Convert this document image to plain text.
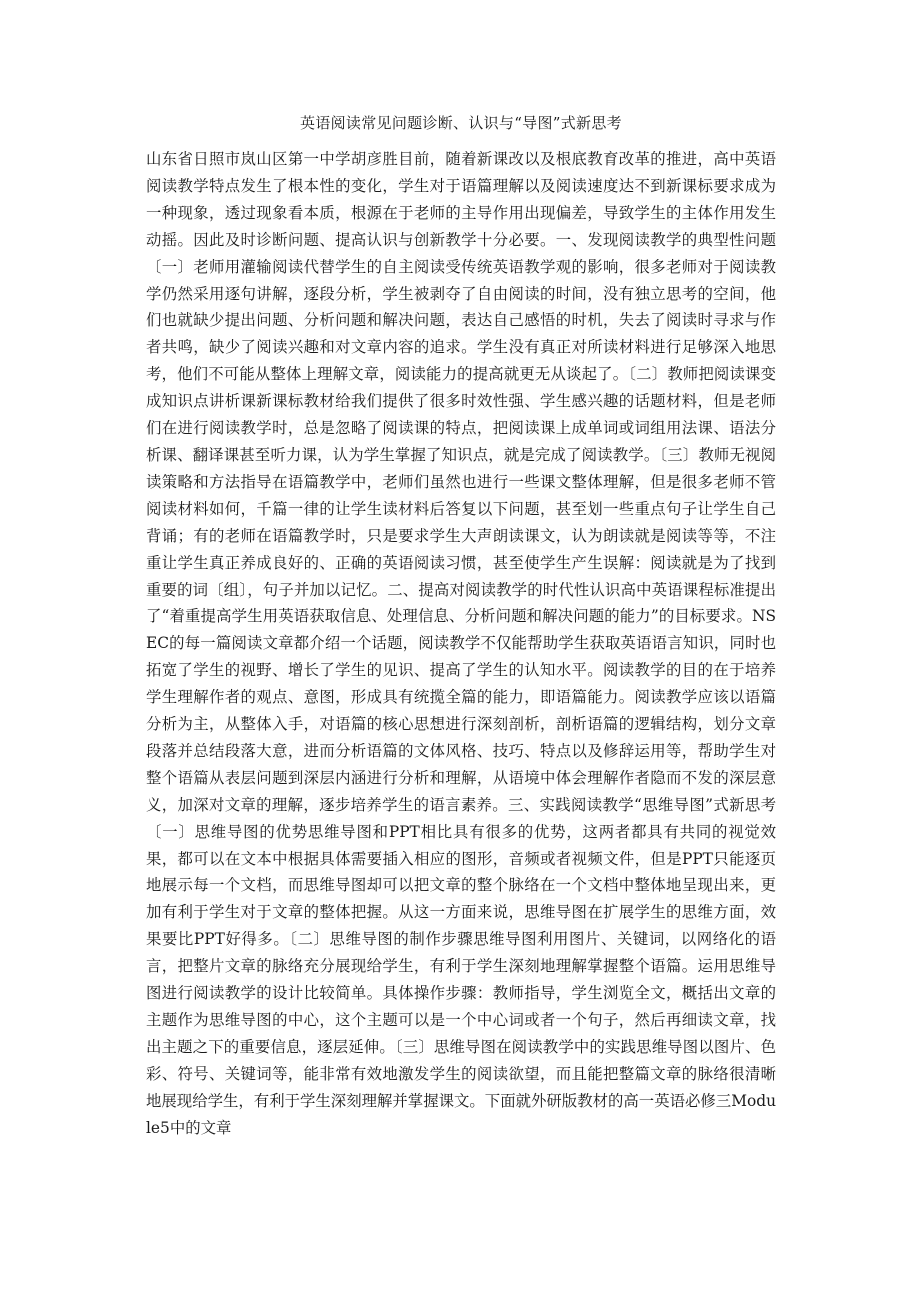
英语阅读常见问题诊断、认识与“导图”式新思考

山东省日照市岚山区第一中学胡彦胜目前，随着新课改以及根底教育改革的推进，高中英语阅读教学特点发生了根本性的变化，学生对于语篇理解以及阅读速度达不到新课标要求成为一种现象，透过现象看本质，根源在于老师的主导作用出现偏差，导致学生的主体作用发生动摇。因此及时诊断问题、提高认识与创新教学十分必要。一、发现阅读教学的典型性问题〔一〕老师用灌输阅读代替学生的自主阅读受传统英语教学观的影响，很多老师对于阅读教学仍然采用逐句讲解，逐段分析，学生被剥夺了自由阅读的时间，没有独立思考的空间，他们也就缺少提出问题、分析问题和解决问题，表达自己感悟的时机，失去了阅读时寻求与作者共鸣，缺少了阅读兴趣和对文章内容的追求。学生没有真正对所读材料进行足够深入地思考，他们不可能从整体上理解文章，阅读能力的提高就更无从谈起了。〔二〕教师把阅读课变成知识点讲析课新课标教材给我们提供了很多时效性强、学生感兴趣的话题材料，但是老师们在进行阅读教学时，总是忽略了阅读课的特点，把阅读课上成单词或词组用法课、语法分析课、翻译课甚至听力课，认为学生掌握了知识点，就是完成了阅读教学。〔三〕教师无视阅读策略和方法指导在语篇教学中，老师们虽然也进行一些课文整体理解，但是很多老师不管阅读材料如何，千篇一律的让学生读材料后答复以下问题，甚至划一些重点句子让学生自己背诵；有的老师在语篇教学时，只是要求学生大声朗读课文，认为朗读就是阅读等等，不注重让学生真正养成良好的、正确的英语阅读习惯，甚至使学生产生误解：阅读就是为了找到重要的词〔组〕，句子并加以记忆。二、提高对阅读教学的时代性认识高中英语课程标准提出了“着重提高学生用英语获取信息、处理信息、分析问题和解决问题的能力”的目标要求。NSEC的每一篇阅读文章都介绍一个话题，阅读教学不仅能帮助学生获取英语语言知识，同时也拓宽了学生的视野、增长了学生的见识、提高了学生的认知水平。阅读教学的目的在于培养学生理解作者的观点、意图，形成具有统揽全篇的能力，即语篇能力。阅读教学应该以语篇分析为主，从整体入手，对语篇的核心思想进行深刻剖析，剖析语篇的逻辑结构，划分文章段落并总结段落大意，进而分析语篇的文体风格、技巧、特点以及修辞运用等，帮助学生对整个语篇从表层问题到深层内涵进行分析和理解，从语境中体会理解作者隐而不发的深层意义，加深对文章的理解，逐步培养学生的语言素养。三、实践阅读教学“思维导图”式新思考〔一〕思维导图的优势思维导图和PPT相比具有很多的优势，这两者都具有共同的视觉效果，都可以在文本中根据具体需要插入相应的图形，音频或者视频文件，但是PPT只能逐页地展示每一个文档，而思维导图却可以把文章的整个脉络在一个文档中整体地呈现出来，更加有利于学生对于文章的整体把握。从这一方面来说，思维导图在扩展学生的思维方面，效果要比PPT好得多。〔二〕思维导图的制作步骤思维导图利用图片、关键词，以网络化的语言，把整片文章的脉络充分展现给学生，有利于学生深刻地理解掌握整个语篇。运用思维导图进行阅读教学的设计比较简单。具体操作步骤：教师指导，学生浏览全文，概括出文章的主题作为思维导图的中心，这个主题可以是一个中心词或者一个句子，然后再细读文章，找出主题之下的重要信息，逐层延伸。〔三〕思维导图在阅读教学中的实践思维导图以图片、色彩、符号、关键词等，能非常有效地激发学生的阅读欲望，而且能把整篇文章的脉络很清晰地展现给学生，有利于学生深刻理解并掌握课文。下面就外研版教材的高一英语必修三Module5中的文章
